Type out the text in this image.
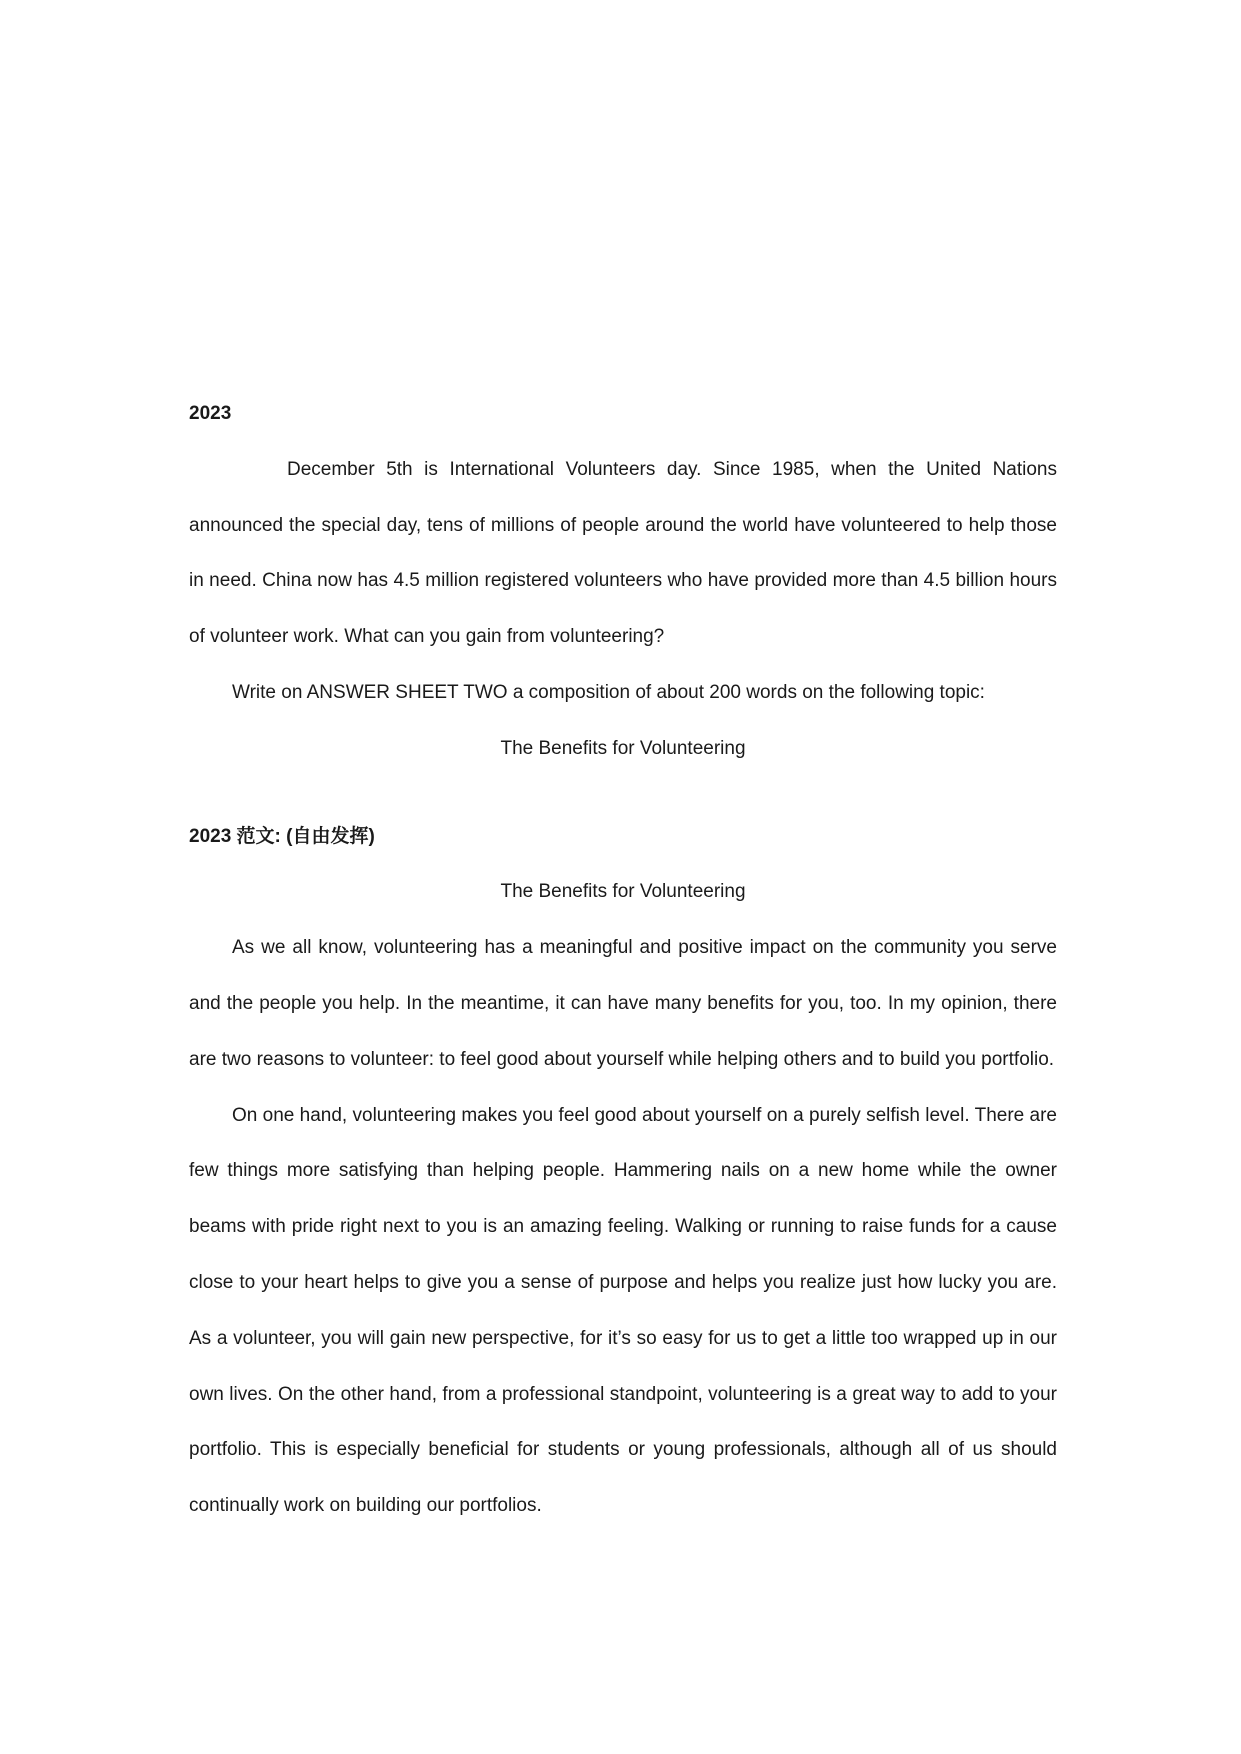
2023

December 5th is International Volunteers day. Since 1985, when the United Nations announced the special day, tens of millions of people around the world have volunteered to help those in need. China now has 4.5 million registered volunteers who have provided more than 4.5 billion hours of volunteer work. What can you gain from volunteering?

Write on ANSWER SHEET TWO a composition of about 200 words on the following topic:

The Benefits for Volunteering

2023 范文: (自由发挥)

The Benefits for Volunteering

As we all know, volunteering has a meaningful and positive impact on the community you serve and the people you help. In the meantime, it can have many benefits for you, too. In my opinion, there are two reasons to volunteer: to feel good about yourself while helping others and to build you portfolio.

On one hand, volunteering makes you feel good about yourself on a purely selfish level. There are few things more satisfying than helping people. Hammering nails on a new home while the owner beams with pride right next to you is an amazing feeling. Walking or running to raise funds for a cause close to your heart helps to give you a sense of purpose and helps you realize just how lucky you are. As a volunteer, you will gain new perspective, for it’s so easy for us to get a little too wrapped up in our own lives. On the other hand, from a professional standpoint, volunteering is a great way to add to your portfolio. This is especially beneficial for students or young professionals, although all of us should continually work on building our portfolios.
